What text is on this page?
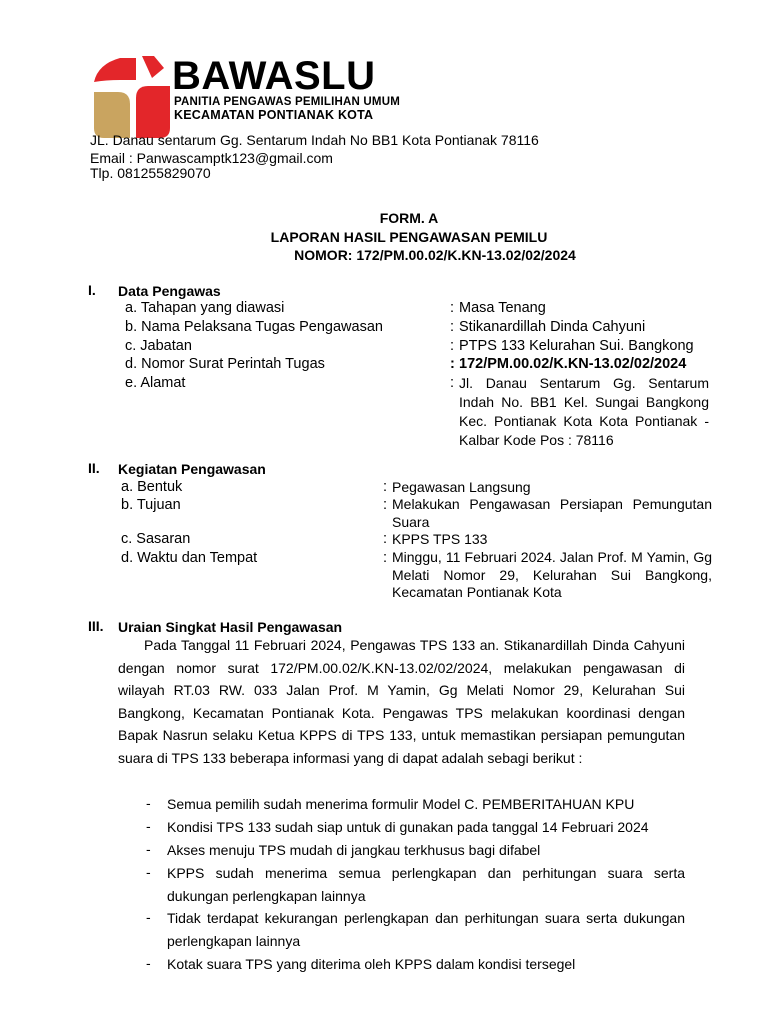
BAWASLU
PANITIA PENGAWAS PEMILIHAN UMUM
KECAMATAN PONTIANAK KOTA
JL. Danau sentarum Gg. Sentarum Indah No BB1 Kota Pontianak 78116
Email : Panwascamptk123@gmail.com
Tlp. 081255829070
FORM. A
LAPORAN HASIL PENGAWASAN PEMILU
NOMOR: 172/PM.00.02/K.KN-13.02/02/2024
I. Data Pengawas
a. Tahapan yang diawasi	: Masa Tenang
b. Nama Pelaksana Tugas Pengawasan	: Stikanardillah Dinda Cahyuni
c. Jabatan	: PTPS 133 Kelurahan Sui. Bangkong
d. Nomor Surat Perintah Tugas	: 172/PM.00.02/K.KN-13.02/02/2024
e. Alamat	: Jl. Danau Sentarum Gg. Sentarum Indah No. BB1 Kel. Sungai Bangkong Kec. Pontianak Kota Kota Pontianak - Kalbar Kode Pos : 78116
II. Kegiatan Pengawasan
a. Bentuk	: Pegawasan Langsung
b. Tujuan	: Melakukan Pengawasan Persiapan Pemungutan Suara
c. Sasaran	: KPPS TPS 133
d. Waktu dan Tempat	: Minggu, 11 Februari 2024. Jalan Prof. M Yamin, Gg Melati Nomor 29, Kelurahan Sui Bangkong, Kecamatan Pontianak Kota
III. Uraian Singkat Hasil Pengawasan
Pada Tanggal 11 Februari 2024, Pengawas TPS 133 an. Stikanardillah Dinda Cahyuni dengan nomor surat 172/PM.00.02/K.KN-13.02/02/2024, melakukan pengawasan di wilayah RT.03 RW. 033 Jalan Prof. M Yamin, Gg Melati Nomor 29, Kelurahan Sui Bangkong, Kecamatan Pontianak Kota. Pengawas TPS melakukan koordinasi dengan Bapak Nasrun selaku Ketua KPPS di TPS 133, untuk memastikan persiapan pemungutan suara di TPS 133 beberapa informasi yang di dapat adalah sebagi berikut :
- Semua pemilih sudah menerima formulir Model C. PEMBERITAHUAN KPU
- Kondisi TPS 133 sudah siap untuk di gunakan pada tanggal 14 Februari 2024
- Akses menuju TPS mudah di jangkau terkhusus bagi difabel
- KPPS sudah menerima semua perlengkapan dan perhitungan suara serta dukungan perlengkapan lainnya
- Tidak terdapat kekurangan perlengkapan dan perhitungan suara serta dukungan perlengkapan lainnya
- Kotak suara TPS yang diterima oleh KPPS dalam kondisi tersegel
